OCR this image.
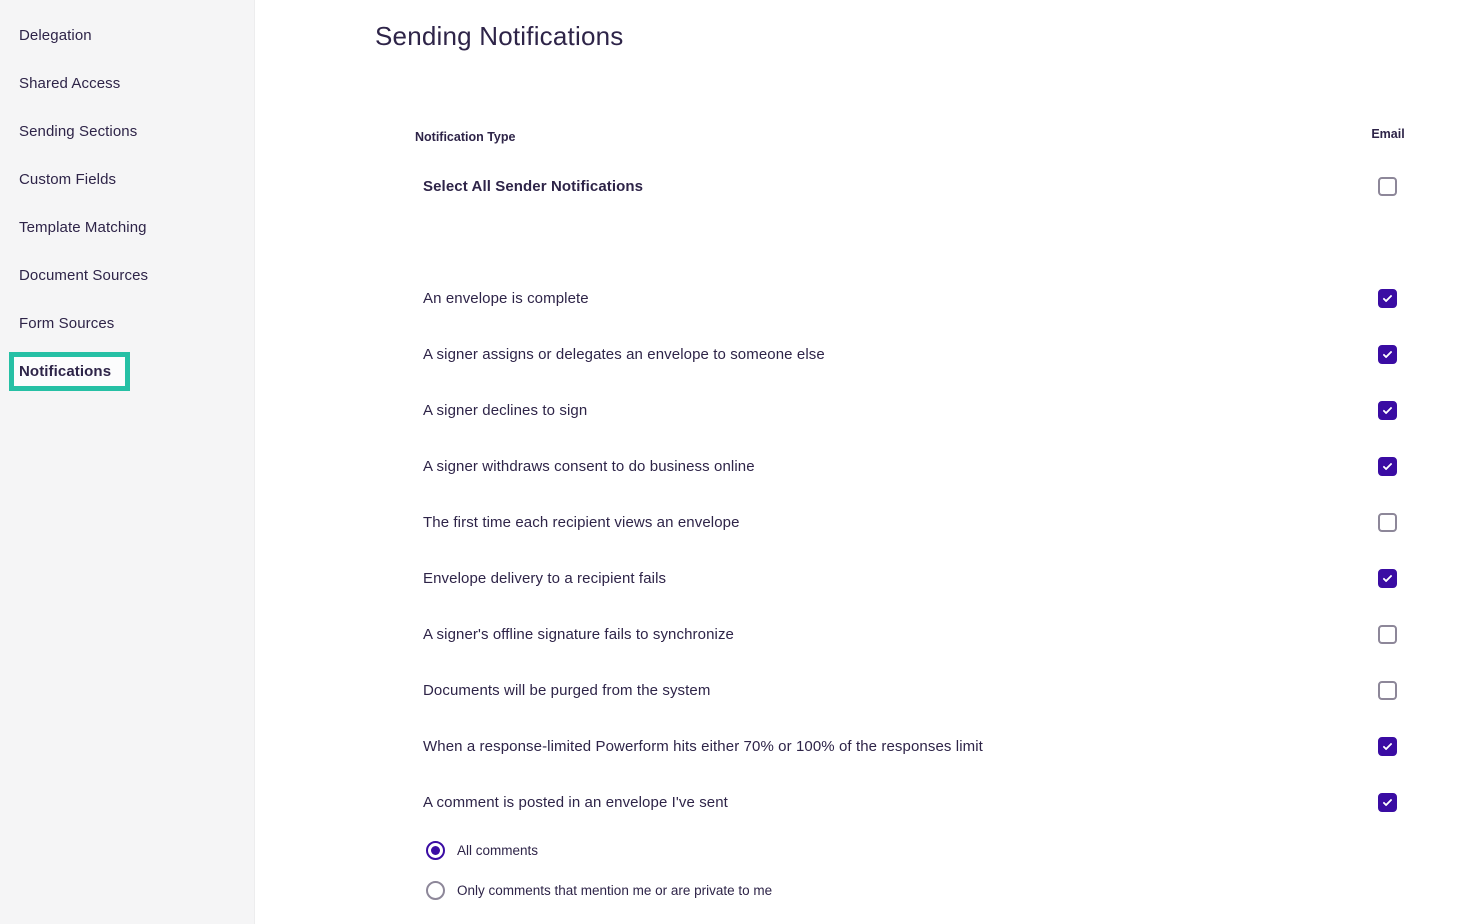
Delegation
Shared Access
Sending Sections
Custom Fields
Template Matching
Document Sources
Form Sources
Notifications
Sending Notifications
Notification Type	Email
Select All Sender Notifications
An envelope is complete
A signer assigns or delegates an envelope to someone else
A signer declines to sign
A signer withdraws consent to do business online
The first time each recipient views an envelope
Envelope delivery to a recipient fails
A signer's offline signature fails to synchronize
Documents will be purged from the system
When a response-limited Powerform hits either 70% or 100% of the responses limit
A comment is posted in an envelope I've sent
All comments
Only comments that mention me or are private to me
